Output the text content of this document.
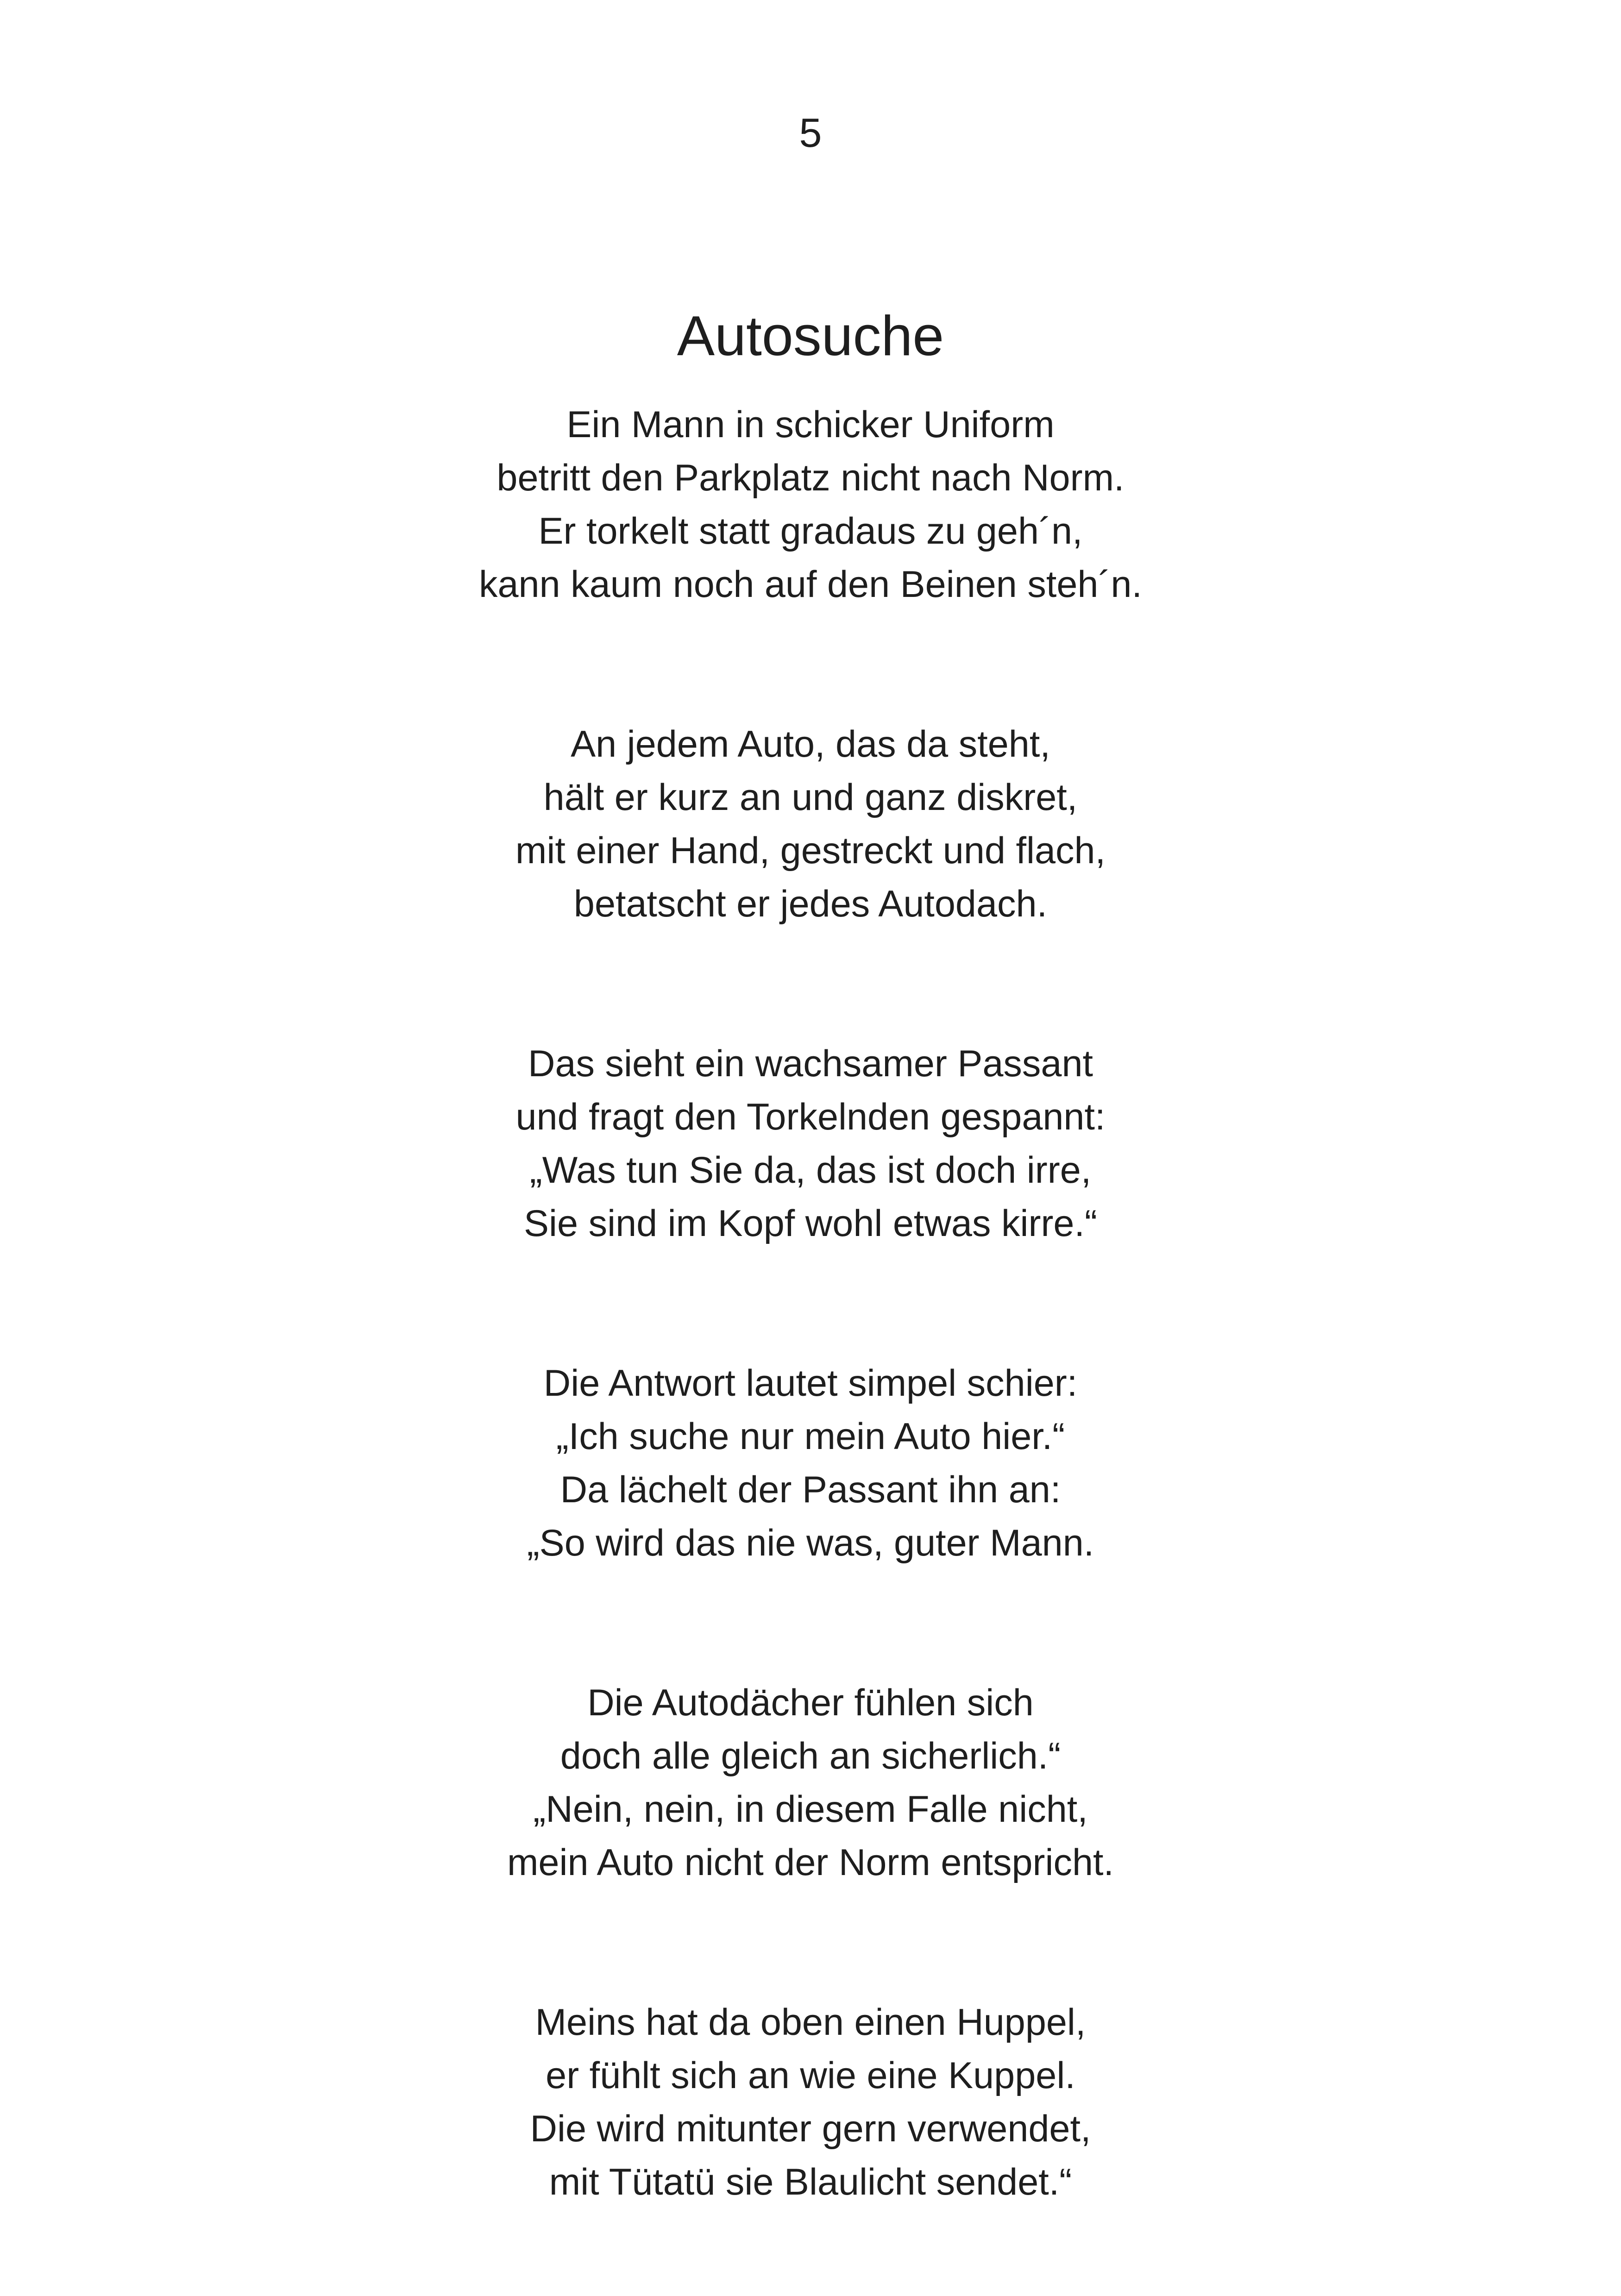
5
Autosuche
Ein Mann in schicker Uniform
betritt den Parkplatz nicht nach Norm.
Er torkelt statt gradaus zu geh´n,
kann kaum noch auf den Beinen steh´n.
An jedem Auto, das da steht,
hält er kurz an und ganz diskret,
mit einer Hand, gestreckt und flach,
betatscht er jedes Autodach.
Das sieht ein wachsamer Passant
und fragt den Torkelnden gespannt:
„Was tun Sie da, das ist doch irre,
Sie sind im Kopf wohl etwas kirre.“
Die Antwort lautet simpel schier:
„Ich suche nur mein Auto hier.“
Da lächelt der Passant ihn an:
„So wird das nie was, guter Mann.
Die Autodächer fühlen sich
doch alle gleich an sicherlich.“
„Nein, nein, in diesem Falle nicht,
mein Auto nicht der Norm entspricht.
Meins hat da oben einen Huppel,
er fühlt sich an wie eine Kuppel.
Die wird mitunter gern verwendet,
mit Tütatü sie Blaulicht sendet.“
